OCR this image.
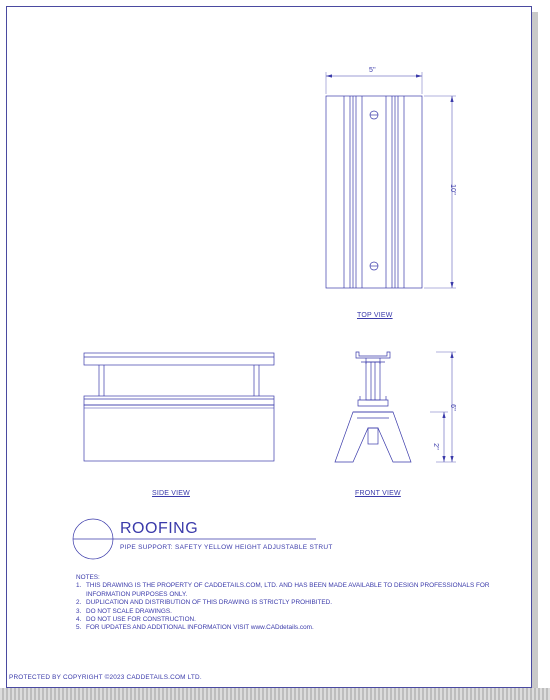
5"
10"
6"
2"
TOP VIEW
SIDE VIEW	FRONT VIEW
ROOFING
PIPE SUPPORT: SAFETY YELLOW HEIGHT ADJUSTABLE STRUT
NOTES:
1. THIS DRAWING IS THE PROPERTY OF CADDETAILS.COM, LTD. AND HAS BEEN MADE AVAILABLE TO DESIGN PROFESSIONALS FOR INFORMATION PURPOSES ONLY.
2. DUPLICATION AND DISTRIBUTION OF THIS DRAWING IS STRICTLY PROHIBITED.
3. DO NOT SCALE DRAWINGS.
4. DO NOT USE FOR CONSTRUCTION.
5. FOR UPDATES AND ADDITIONAL INFORMATION VISIT www.CADdetails.com.
PROTECTED BY COPYRIGHT ©2023 CADDETAILS.COM LTD.
